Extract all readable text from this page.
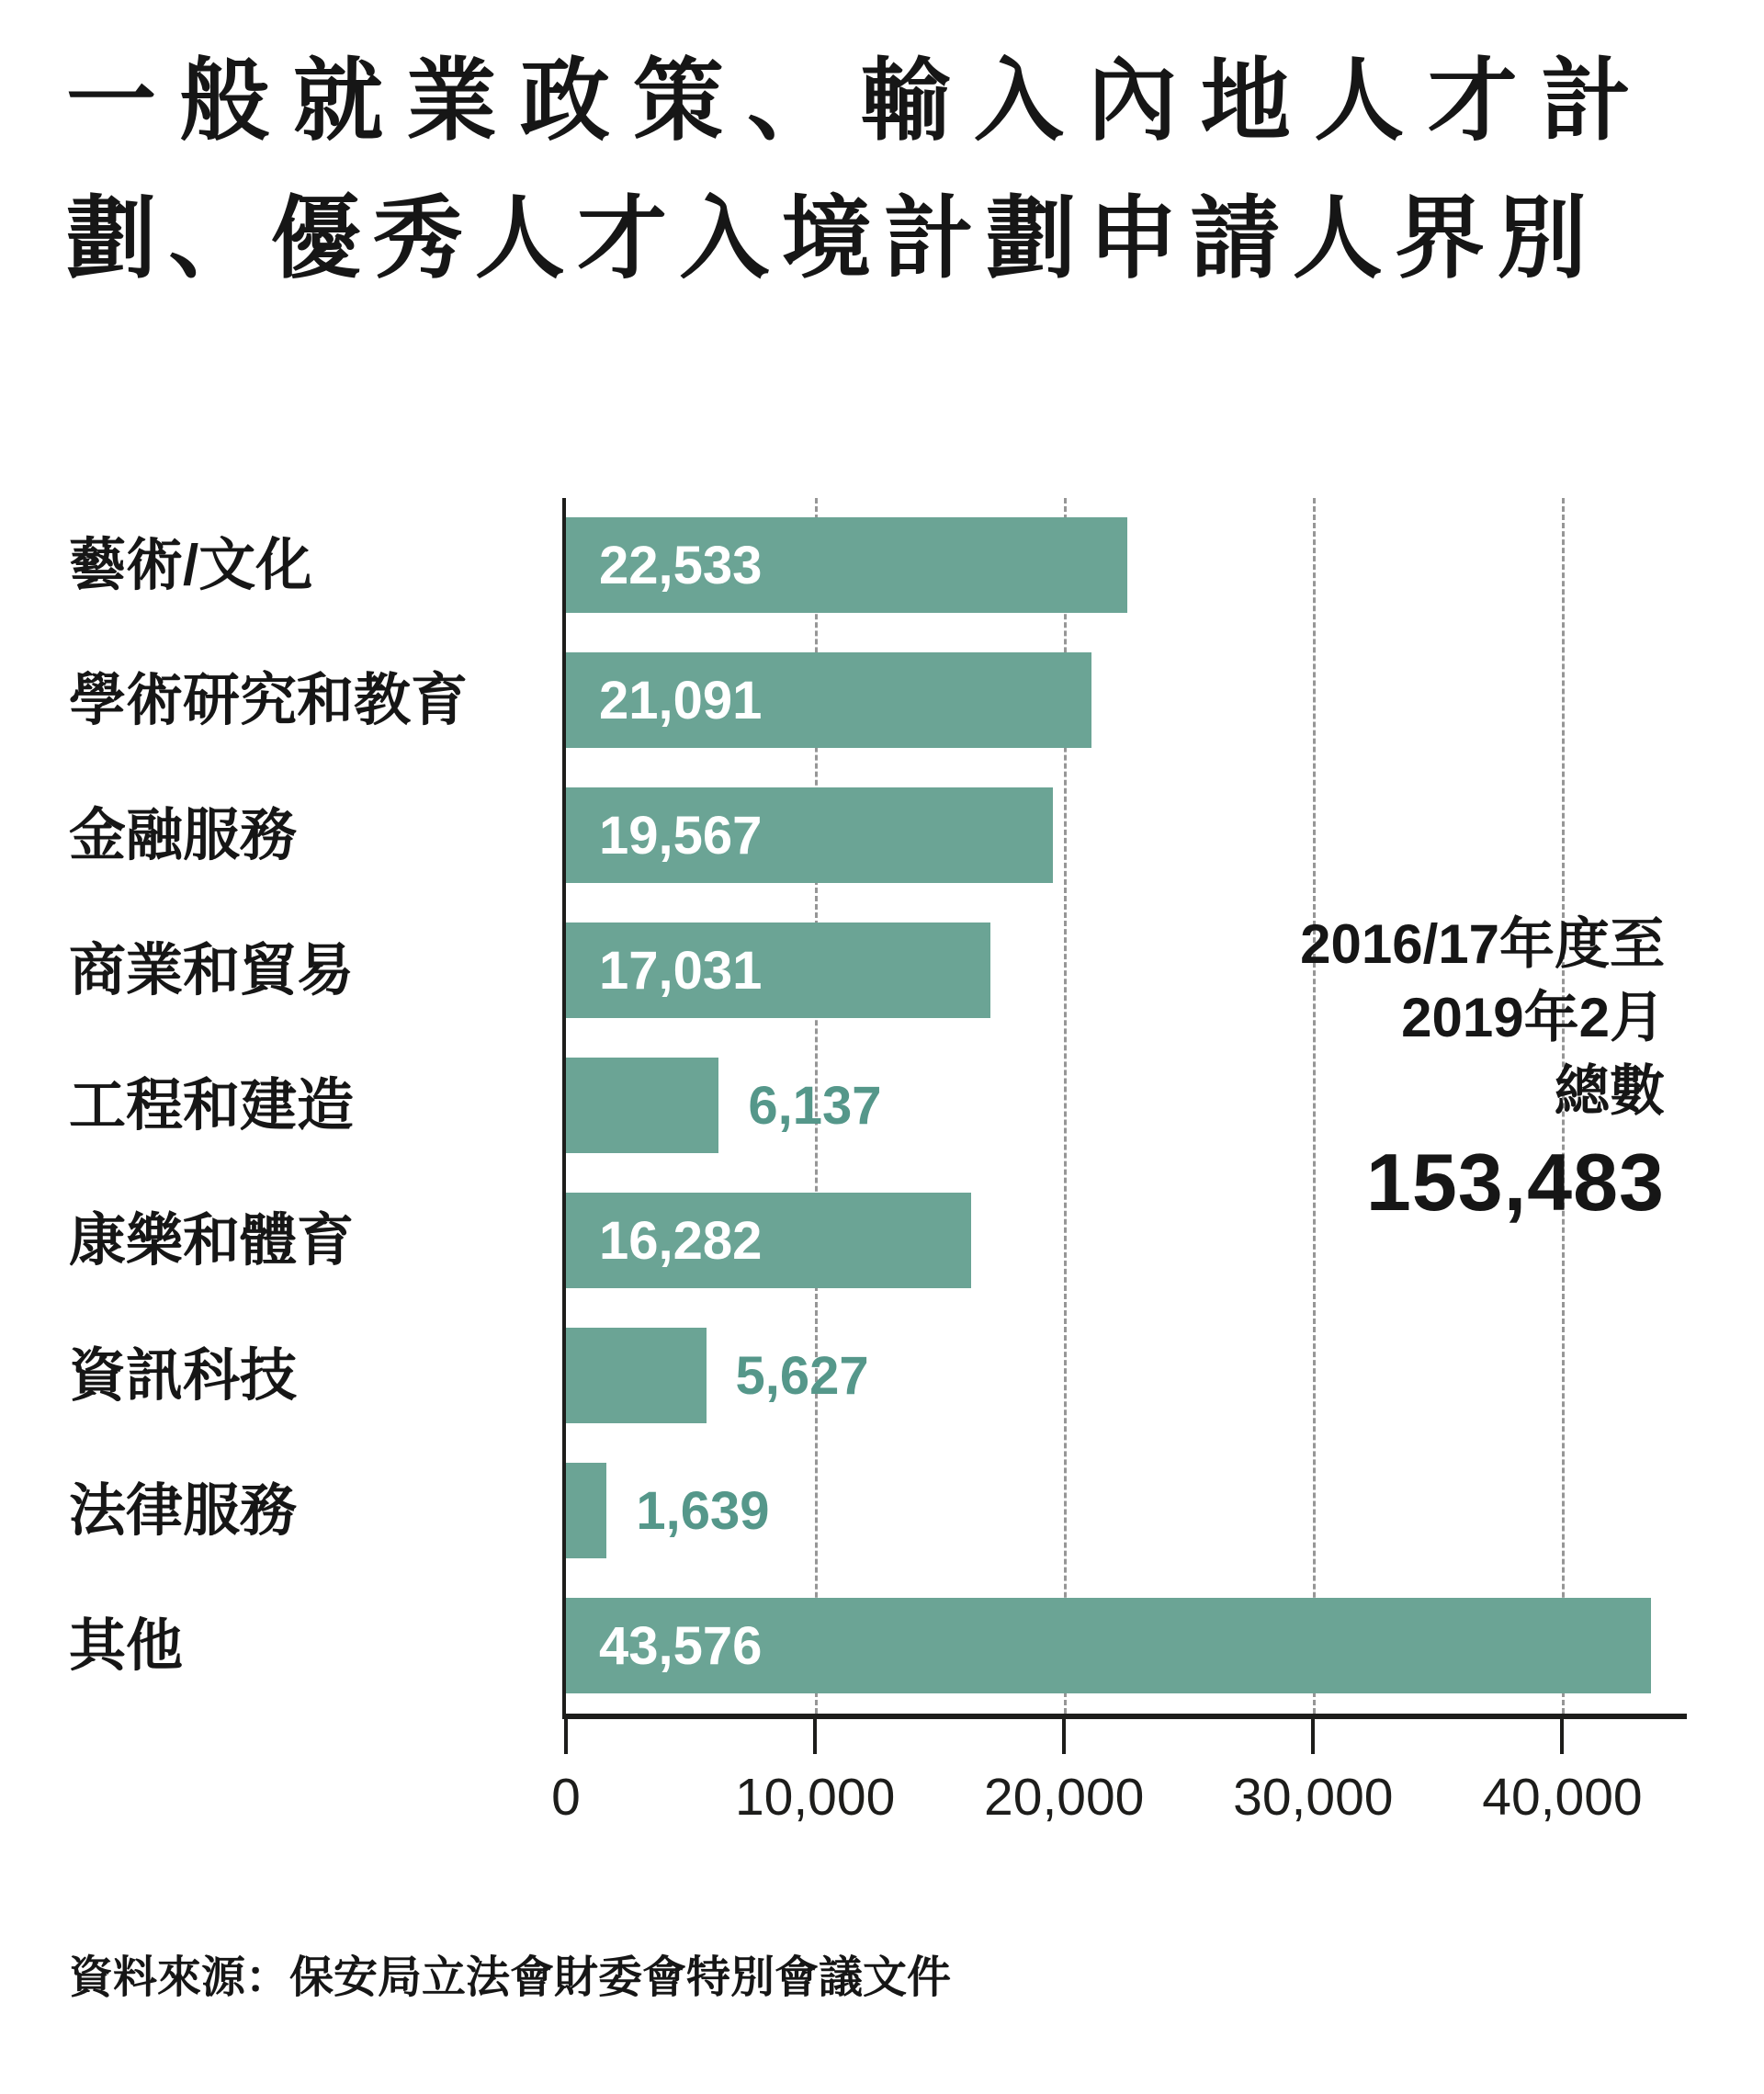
一般就業政策、輸入內地人才計
劃、優秀人才入境計劃申請人界別
藝術/文化
學術研究和教育
金融服務
商業和貿易
工程和建造
康樂和體育
資訊科技
法律服務
其他
2016/17年度至
2019年2月
總數
153,483
22,533
21,091
19,567
17,031
6,137
16,282
5,627
1,639
43,576
0	10,000 20,000 30,000 40,000
資料來源：保安局立法會財委會特別會議文件
